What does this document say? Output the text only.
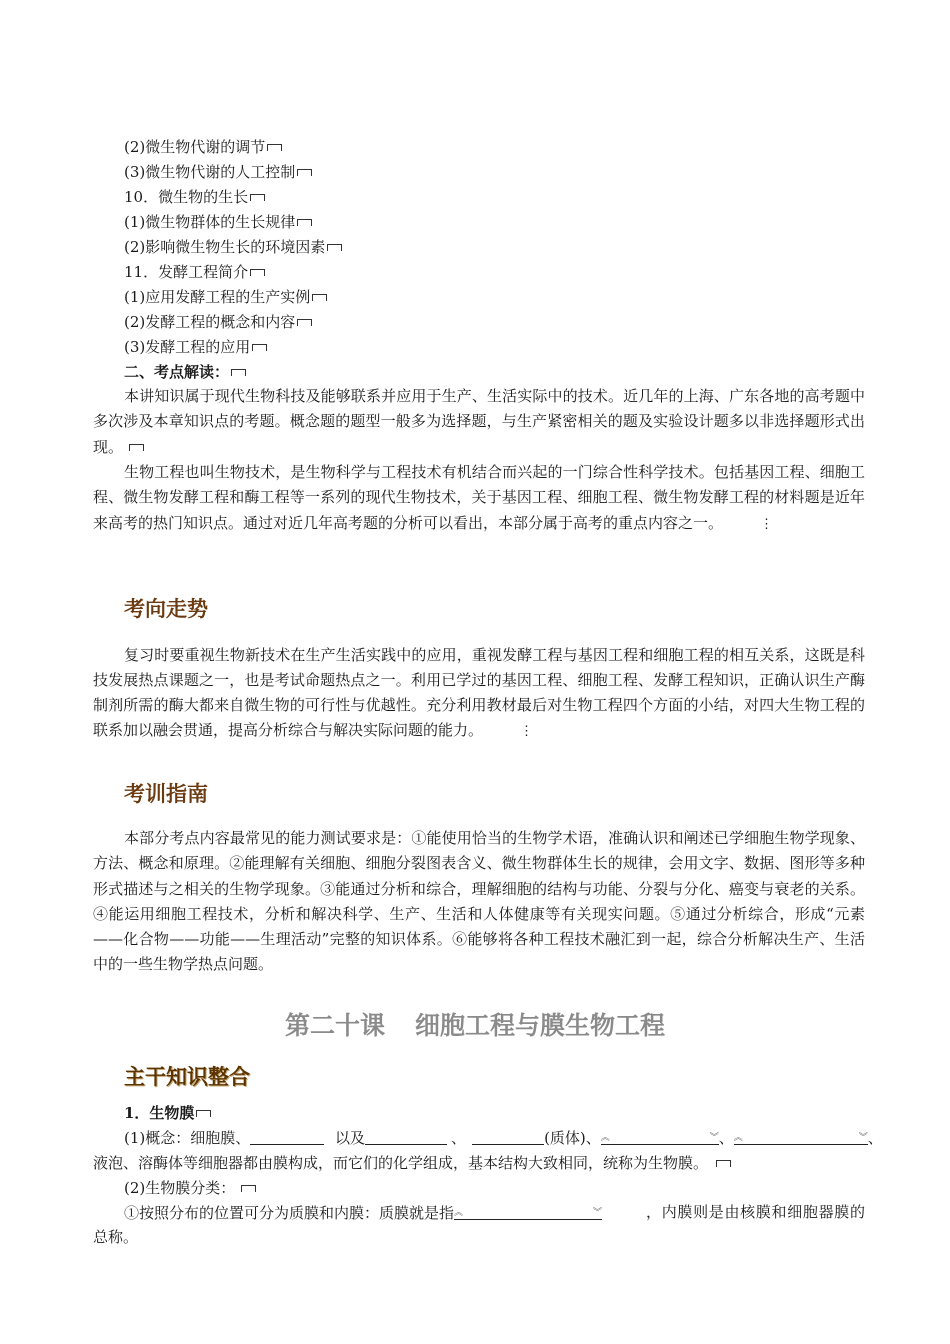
(2)微生物代谢的调节
(3)微生物代谢的人工控制
10．微生物的生长
(1)微生物群体的生长规律
(2)影响微生物生长的环境因素
11．发酵工程简介
(1)应用发酵工程的生产实例
(2)发酵工程的概念和内容
(3)发酵工程的应用
二、考点解读：

本讲知识属于现代生物科技及能够联系并应用于生产、生活实际中的技术。近几年的上海、广东各地的高考题中多次涉及本章知识点的考题。概念题的题型一般多为选择题，与生产紧密相关的题及实验设计题多以非选择题形式出现。

生物工程也叫生物技术，是生物科学与工程技术有机结合而兴起的一门综合性科学技术。包括基因工程、细胞工程、微生物发酵工程和酶工程等一系列的现代生物技术，关于基因工程、细胞工程、微生物发酵工程的材料题是近年来高考的热门知识点。通过对近几年高考题的分析可以看出，本部分属于高考的重点内容之一。	⋮

考向走势

复习时要重视生物新技术在生产生活实践中的应用，重视发酵工程与基因工程和细胞工程的相互关系，这既是科技发展热点课题之一，也是考试命题热点之一。利用已学过的基因工程、细胞工程、发酵工程知识，正确认识生产酶制剂所需的酶大都来自微生物的可行性与优越性。充分利用教材最后对生物工程四个方面的小结，对四大生物工程的联系加以融会贯通，提高分析综合与解决实际问题的能力。	⋮

考训指南

本部分考点内容最常见的能力测试要求是：①能使用恰当的生物学术语，准确认识和阐述已学细胞生物学现象、方法、概念和原理。②能理解有关细胞、细胞分裂图表含义、微生物群体生长的规律，会用文字、数据、图形等多种形式描述与之相关的生物学现象。③能通过分析和综合，理解细胞的结构与功能、分裂与分化、癌变与衰老的关系。④能运用细胞工程技术，分析和解决科学、生产、生活和人体健康等有关现实问题。⑤通过分析综合，形成“元素——化合物——功能——生理活动”完整的知识体系。⑥能够将各种工程技术融汇到一起，综合分析解决生产、生活中的一些生物学热点问题。

第二十课 细胞工程与膜生物工程
主干知识整合
1．生物膜
(1)概念：细胞膜、	以及	、	(质体)、 ︽	︾ 、 ︽	︾ 、
液泡、溶酶体等细胞器都由膜构成，而它们的化学组成，基本结构大致相同，统称为生物膜。
(2)生物膜分类：
①按照分布的位置可分为质膜和内膜：质膜就是指 ︽	︾	，内膜则是由核膜和细胞器膜的总称。
